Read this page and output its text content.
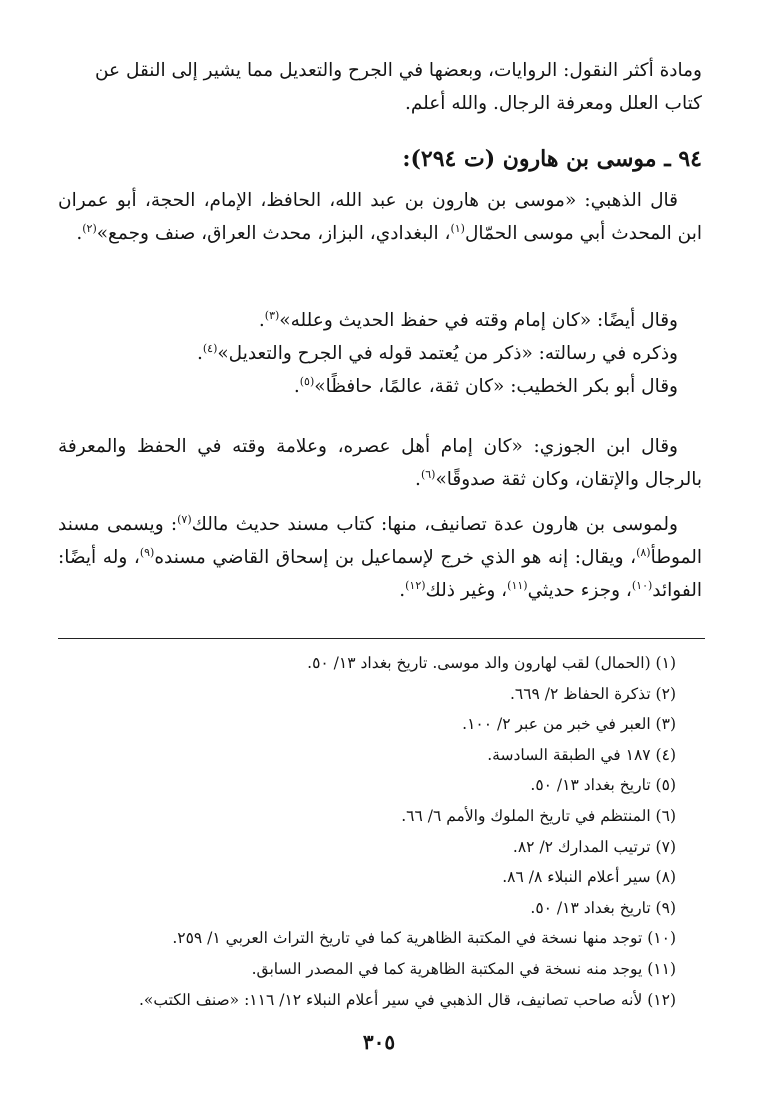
ومادة أكثر النقول: الروايات، وبعضها في الجرح والتعديل مما يشير إلى النقل عن

كتاب العلل ومعرفة الرجال. والله أعلم.

٩٤ ـ موسى بن هارون (ت ٢٩٤):

قال الذهبي: «موسى بن هارون بن عبد الله، الحافظ، الإمام، الحجة، أبو عمران ابن المحدث أبي موسى الحمّال$^{(١)}$، البغدادي، البزاز، محدث العراق، صنف وجمع»$^{(٢)}$.

وقال أيضًا: «كان إمام وقته في حفظ الحديث وعلله»$^{(٣)}$.

وذكره في رسالته: «ذكر من يُعتمد قوله في الجرح والتعديل»$^{(٤)}$.

وقال أبو بكر الخطيب: «كان ثقة، عالمًا، حافظًا»$^{(٥)}$.

وقال ابن الجوزي: «كان إمام أهل عصره، وعلامة وقته في الحفظ والمعرفة بالرجال والإتقان، وكان ثقة صدوقًا»$^{(٦)}$.

ولموسى بن هارون عدة تصانيف، منها: كتاب مسند حديث مالك$^{(٧)}$: ويسمى مسند الموطأ$^{(٨)}$، ويقال: إنه هو الذي خرج لإسماعيل بن إسحاق القاضي مسنده$^{(٩)}$، وله أيضًا: الفوائد$^{(١٠)}$، وجزء حديثي$^{(١١)}$، وغير ذلك$^{(١٢)}$.

(١) (الحمال) لقب لهارون والد موسى. تاريخ بغداد ١٣/ ٥٠.

(٢) تذكرة الحفاظ ٢/ ٦٦٩.

(٣) العبر في خبر من عبر ٢/ ١٠٠.

(٤) ١٨٧ في الطبقة السادسة.

(٥) تاريخ بغداد ١٣/ ٥٠.

(٦) المنتظم في تاريخ الملوك والأمم ٦/ ٦٦.

(٧) ترتيب المدارك ٢/ ٨٢.

(٨) سير أعلام النبلاء ٨/ ٨٦.

(٩) تاريخ بغداد ١٣/ ٥٠.

(١٠) توجد منها نسخة في المكتبة الظاهرية كما في تاريخ التراث العربي ١/ ٢٥٩.

(١١) يوجد منه نسخة في المكتبة الظاهرية كما في المصدر السابق.

(١٢) لأنه صاحب تصانيف، قال الذهبي في سير أعلام النبلاء ١٢/ ١١٦: «صنف الكتب».

٣٠٥
